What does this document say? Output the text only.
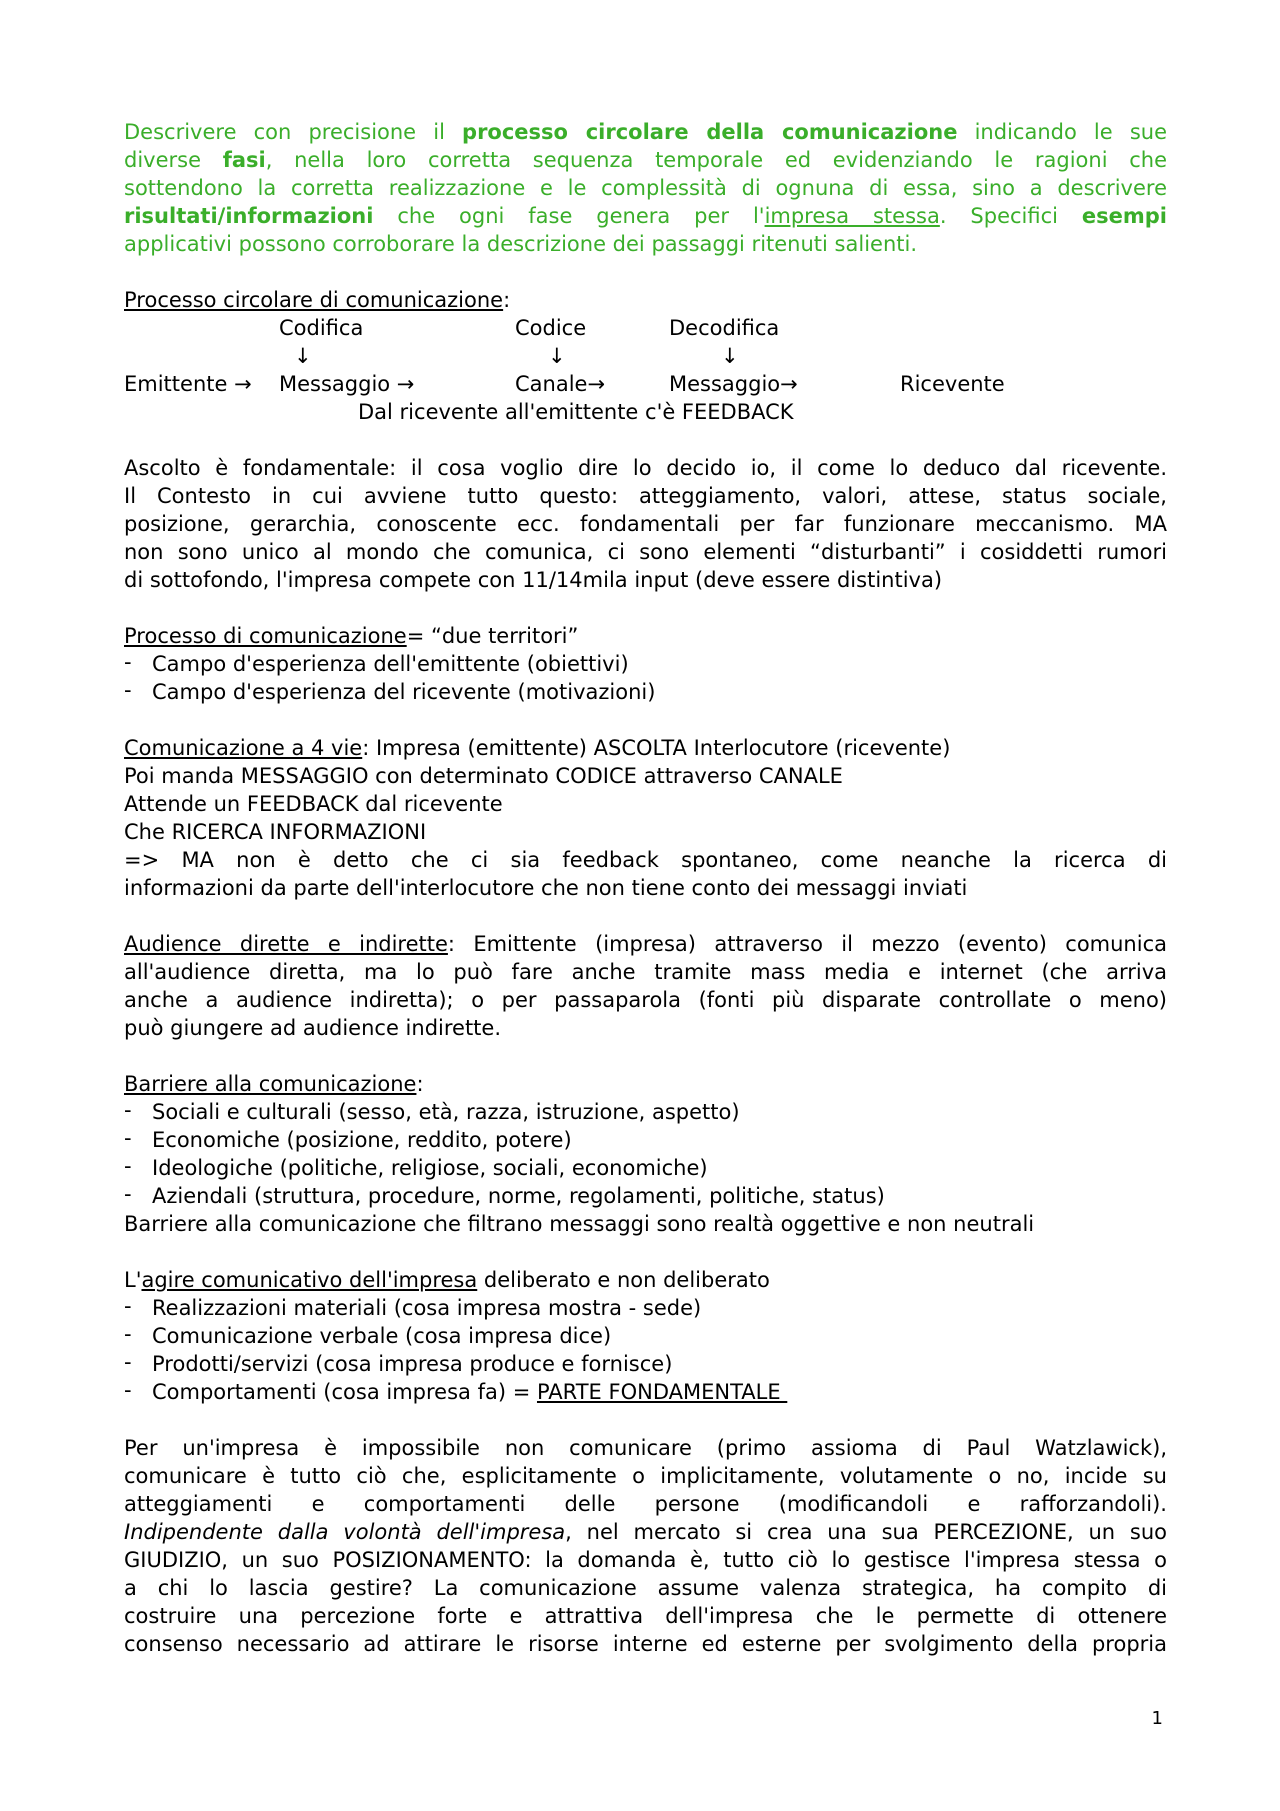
Descrivere con precisione il processo circolare della comunicazione indicando le sue

diverse fasi, nella loro corretta sequenza temporale ed evidenziando le ragioni che

sottendono la corretta realizzazione e le complessità di ognuna di essa, sino a descrivere

risultati/informazioni che ogni fase genera per l'impresa stessa. Specifici esempi

applicativi possono corroborare la descrizione dei passaggi ritenuti salienti.

Processo circolare di comunicazione:

Codifica	Codice	Decodifica
↓	↓	↓
Emittente → Messaggio →	Canale→	Messaggio→	Ricevente
Dal ricevente all'emittente c'è FEEDBACK

Ascolto è fondamentale: il cosa voglio dire lo decido io, il come lo deduco dal ricevente.

Il Contesto in cui avviene tutto questo: atteggiamento, valori, attese, status sociale,

posizione, gerarchia, conoscente ecc. fondamentali per far funzionare meccanismo. MA

non sono unico al mondo che comunica, ci sono elementi “disturbanti” i cosiddetti rumori

di sottofondo, l'impresa compete con 11/14mila input (deve essere distintiva)

Processo di comunicazione= “due territori”

- Campo d'esperienza dell'emittente (obiettivi)

- Campo d'esperienza del ricevente (motivazioni)

Comunicazione a 4 vie: Impresa (emittente) ASCOLTA Interlocutore (ricevente)

Poi manda MESSAGGIO con determinato CODICE attraverso CANALE

Attende un FEEDBACK dal ricevente

Che RICERCA INFORMAZIONI

=> MA non è detto che ci sia feedback spontaneo, come neanche la ricerca di

informazioni da parte dell'interlocutore che non tiene conto dei messaggi inviati

Audience dirette e indirette: Emittente (impresa) attraverso il mezzo (evento) comunica

all'audience diretta, ma lo può fare anche tramite mass media e internet (che arriva

anche a audience indiretta); o per passaparola (fonti più disparate controllate o meno)

può giungere ad audience indirette.

Barriere alla comunicazione:

- Sociali e culturali (sesso, età, razza, istruzione, aspetto)

- Economiche (posizione, reddito, potere)

- Ideologiche (politiche, religiose, sociali, economiche)

- Aziendali (struttura, procedure, norme, regolamenti, politiche, status)

Barriere alla comunicazione che filtrano messaggi sono realtà oggettive e non neutrali

L'agire comunicativo dell'impresa deliberato e non deliberato

- Realizzazioni materiali (cosa impresa mostra - sede)

- Comunicazione verbale (cosa impresa dice)

- Prodotti/servizi (cosa impresa produce e fornisce)

- Comportamenti (cosa impresa fa) = PARTE FONDAMENTALE

Per un'impresa è impossibile non comunicare (primo assioma di Paul Watzlawick),

comunicare è tutto ciò che, esplicitamente o implicitamente, volutamente o no, incide su

atteggiamenti e comportamenti delle persone (modificandoli e rafforzandoli).

Indipendente dalla volontà dell'impresa, nel mercato si crea una sua PERCEZIONE, un suo

GIUDIZIO, un suo POSIZIONAMENTO: la domanda è, tutto ciò lo gestisce l'impresa stessa o

a chi lo lascia gestire? La comunicazione assume valenza strategica, ha compito di

costruire una percezione forte e attrattiva dell'impresa che le permette di ottenere

consenso necessario ad attirare le risorse interne ed esterne per svolgimento della propria

1
